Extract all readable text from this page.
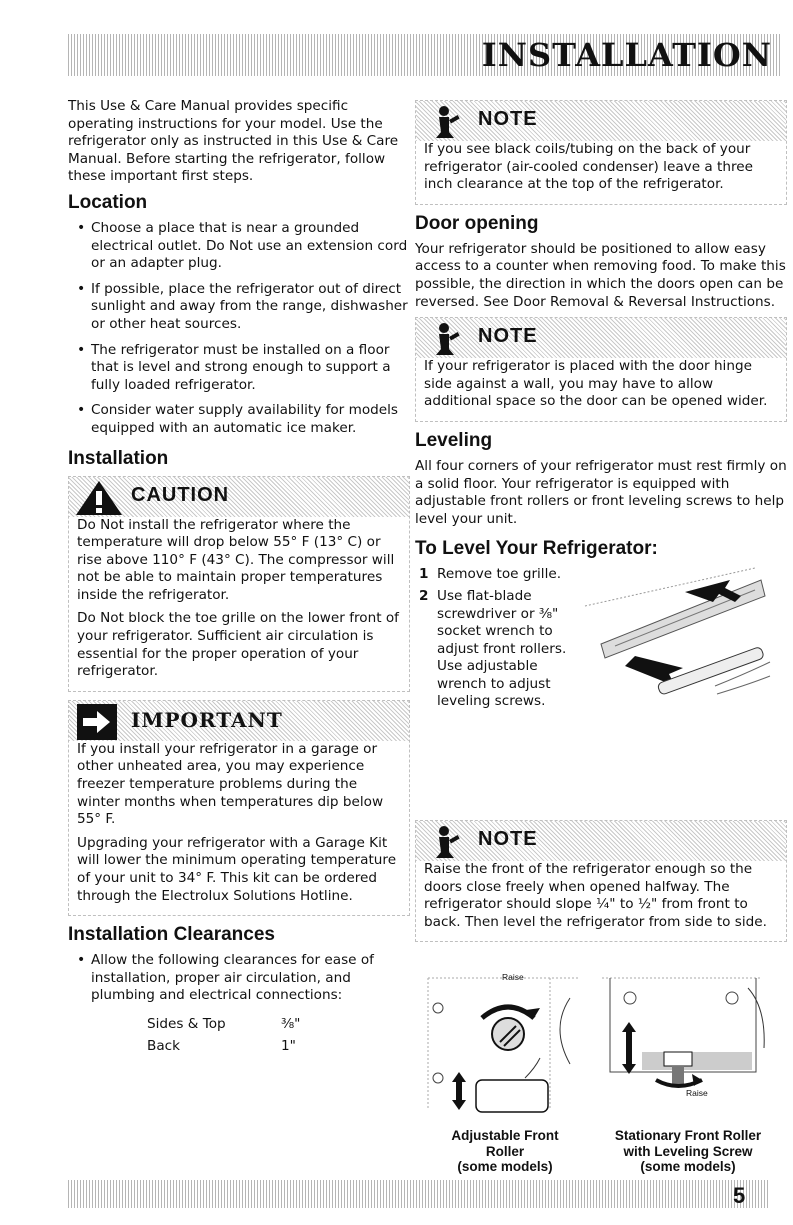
INSTALLATION

This Use & Care Manual provides specific operating instructions for your model. Use the refrigerator only as instructed in this Use & Care Manual. Before starting the refrigerator, follow these important first steps.

Location
• Choose a place that is near a grounded electrical outlet. Do Not use an extension cord or an adapter plug.
• If possible, place the refrigerator out of direct sunlight and away from the range, dishwasher or other heat sources.
• The refrigerator must be installed on a floor that is level and strong enough to support a fully loaded refrigerator.
• Consider water supply availability for models equipped with an automatic ice maker.
Installation
CAUTION

Do Not install the refrigerator where the temperature will drop below 55° F (13° C) or rise above 110° F (43° C). The compressor will not be able to maintain proper temperatures inside the refrigerator.

Do Not block the toe grille on the lower front of your refrigerator. Sufficient air circulation is essential for the proper operation of your refrigerator.

IMPORTANT

If you install your refrigerator in a garage or other unheated area, you may experience freezer temperature problems during the winter months when temperatures dip below 55° F.

Upgrading your refrigerator with a Garage Kit will lower the minimum operating temperature of your unit to 34° F. This kit can be ordered through the Electrolux Solutions Hotline.

Installation Clearances
• Allow the following clearances for ease of installation, proper air circulation, and plumbing and electrical connections:
Sides & Top	⅜"
Back	1"
NOTE

If you see black coils/tubing on the back of your refrigerator (air-cooled condenser) leave a three inch clearance at the top of the refrigerator.

Door opening

Your refrigerator should be positioned to allow easy access to a counter when removing food. To make this possible, the direction in which the doors open can be reversed. See Door Removal & Reversal Instructions.

NOTE

If your refrigerator is placed with the door hinge side against a wall, you may have to allow additional space so the door can be opened wider.

Leveling

All four corners of your refrigerator must rest firmly on a solid floor. Your refrigerator is equipped with adjustable front rollers or front leveling screws to help level your unit.

To Level Your Refrigerator:
1 Remove toe grille.
2 Use flat-blade screwdriver or ⅜" socket wrench to adjust front rollers. Use adjustable wrench to adjust leveling screws.
NOTE

Raise the front of the refrigerator enough so the doors close freely when opened halfway. The refrigerator should slope ¼" to ½" from front to back. Then level the refrigerator from side to side.

Raise
Raise
Adjustable Front
Roller
(some models)
Stationary Front Roller
with Leveling Screw
(some models)
5
